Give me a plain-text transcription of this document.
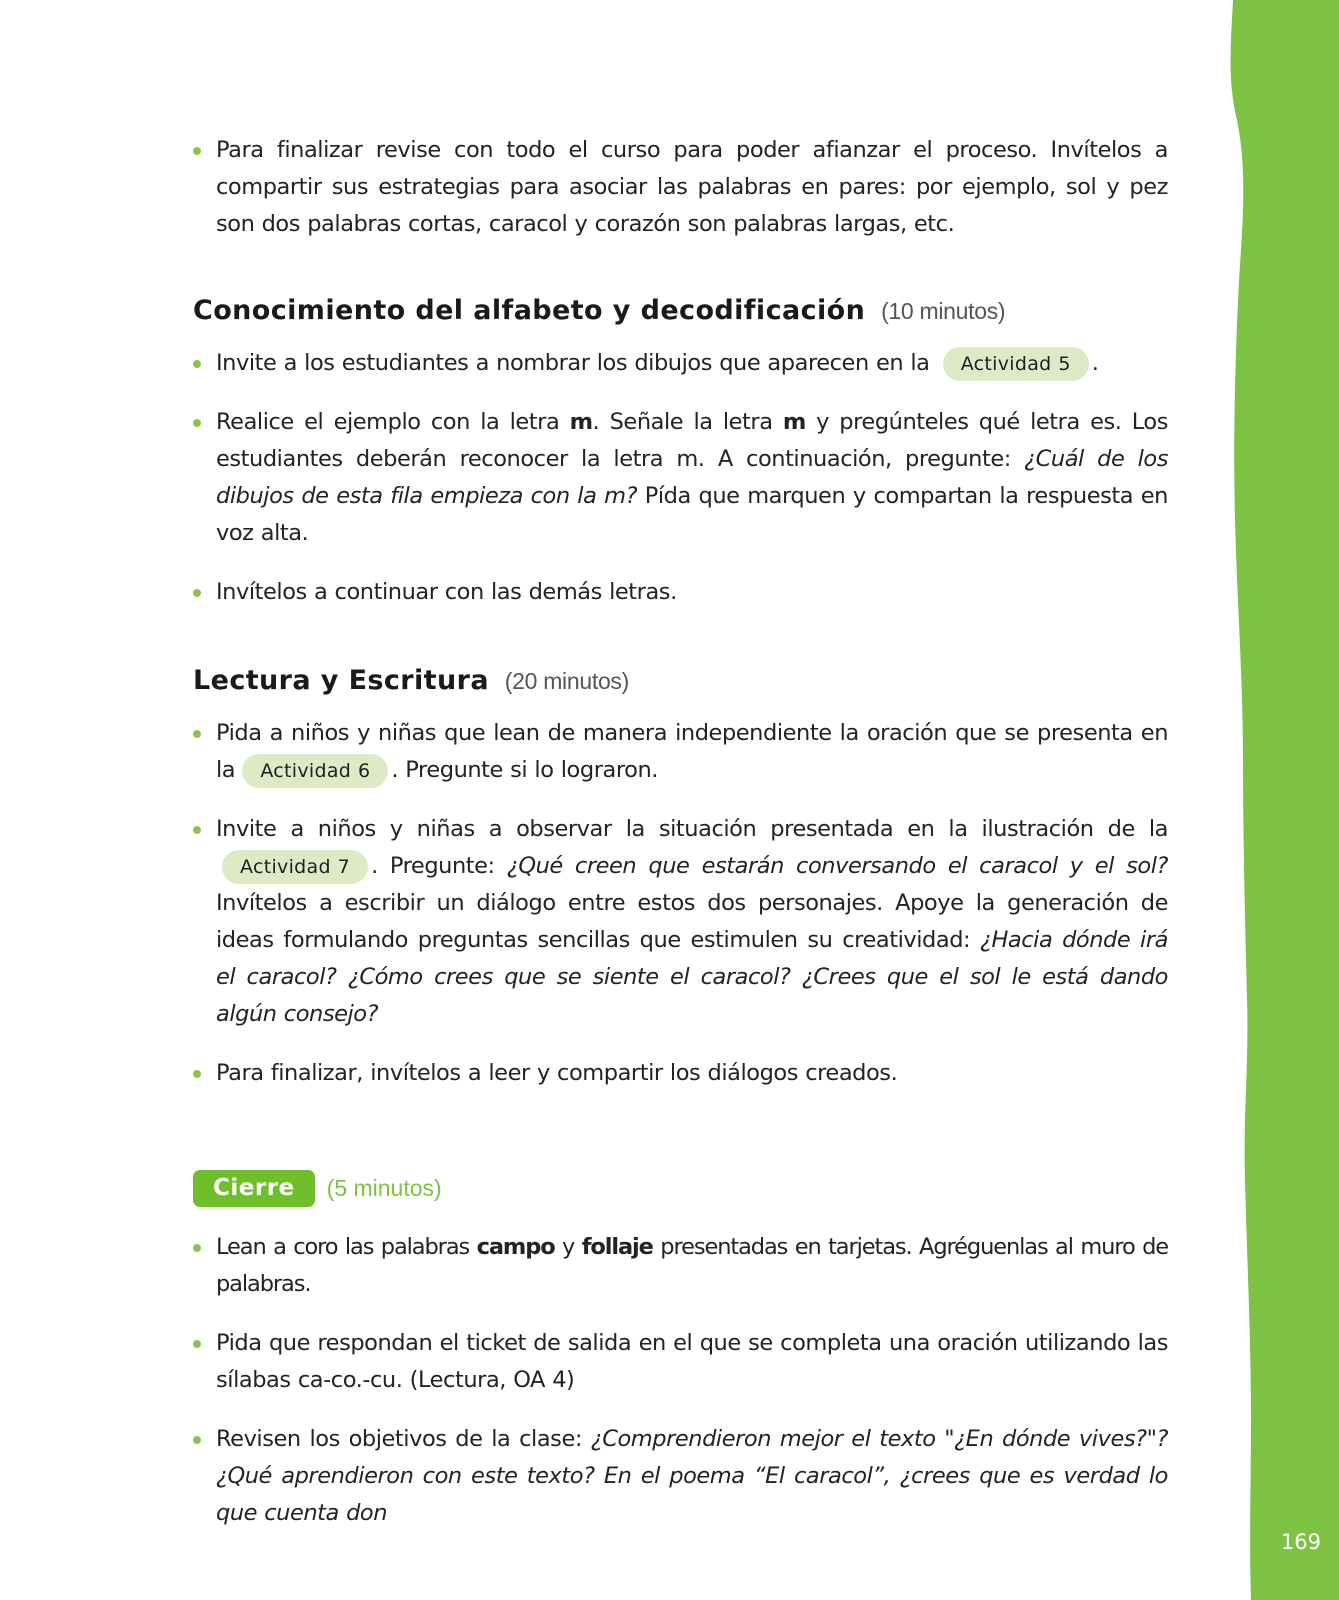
169
Para finalizar revise con todo el curso para poder afianzar el proceso. Invítelos a compartir sus estrategias para asociar las palabras en pares: por ejemplo, sol y pez son dos palabras cortas, caracol y corazón son palabras largas, etc.
Conocimiento del alfabeto y decodificación (10 minutos)
Invite a los estudiantes a nombrar los dibujos que aparecen en la Actividad 5 .
Realice el ejemplo con la letra m. Señale la letra m y pregúnteles qué letra es. Los estudiantes deberán reconocer la letra m. A continuación, pregunte: ¿Cuál de los dibujos de esta fila empieza con la m? Pída que marquen y compartan la respuesta en voz alta.
Invítelos a continuar con las demás letras.
Lectura y Escritura (20 minutos)
Pida a niños y niñas que lean de manera independiente la oración que se presenta en la Actividad 6 . Pregunte si lo lograron.
Invite a niños y niñas a observar la situación presentada en la ilustración de la Actividad 7 . Pregunte: ¿Qué creen que estarán conversando el caracol y el sol? Invítelos a escribir un diálogo entre estos dos personajes. Apoye la generación de ideas formulando preguntas sencillas que estimulen su creatividad: ¿Hacia dónde irá el caracol? ¿Cómo crees que se siente el caracol? ¿Crees que el sol le está dando algún consejo?
Para finalizar, invítelos a leer y compartir los diálogos creados.
Cierre	(5 minutos)
Lean a coro las palabras campo y follaje presentadas en tarjetas. Agréguenlas al muro de palabras.
Pida que respondan el ticket de salida en el que se completa una oración utilizando las sílabas ca-co.-cu. (Lectura, OA 4)
Revisen los objetivos de la clase: ¿Comprendieron mejor el texto "¿En dónde vives?"? ¿Qué aprendieron con este texto? En el poema “El caracol”, ¿crees que es verdad lo que cuenta don
